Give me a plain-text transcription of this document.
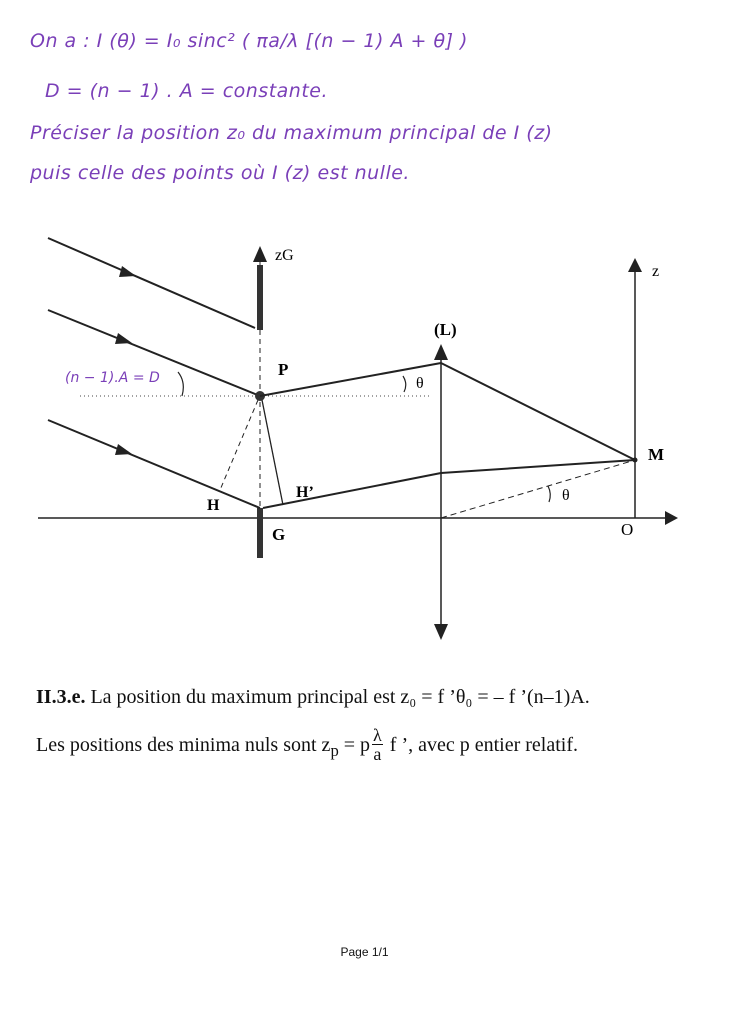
On a : I (θ) = I₀ sinc² ( πa/λ [(n − 1) A + θ] )
D = (n − 1) . A = constante.
Préciser la position z₀ du maximum principal de I (z)
puis celle des points où I (z) est nulle.
zG
z
(L)
P
M
H
H’
G	O
θ
θ
(n − 1).A = D
II.3.e. La position du maximum principal est z₀ = f ’θ₀ = – f ’(n–1)A.
Les positions des minima nuls sont $z_p = p \frac{\lambda}{a}$ f ’, avec p entier relatif.
Page 1/1
